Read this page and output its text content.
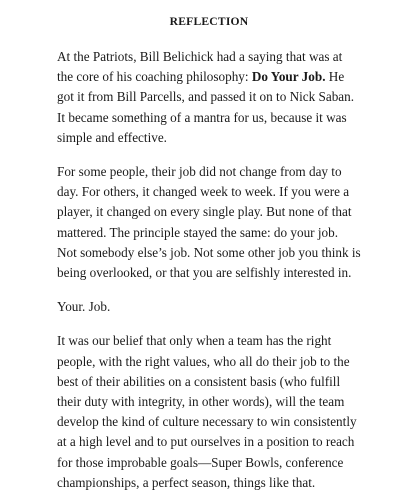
REFLECTION

At the Patriots, Bill Belichick had a saying that was at the core of his coaching philosophy: Do Your Job. He got it from Bill Parcells, and passed it on to Nick Saban. It became something of a mantra for us, because it was simple and effective.

For some people, their job did not change from day to day. For others, it changed week to week. If you were a player, it changed on every single play. But none of that mattered. The principle stayed the same: do your job. Not somebody else’s job. Not some other job you think is being overlooked, or that you are selfishly interested in.

Your. Job.

It was our belief that only when a team has the right people, with the right values, who all do their job to the best of their abilities on a consistent basis (who fulfill their duty with integrity, in other words), will the team develop the kind of culture necessary to win consistently at a high level and to put ourselves in a position to reach for those improbable goals—Super Bowls, conference championships, a perfect season, things like that.
